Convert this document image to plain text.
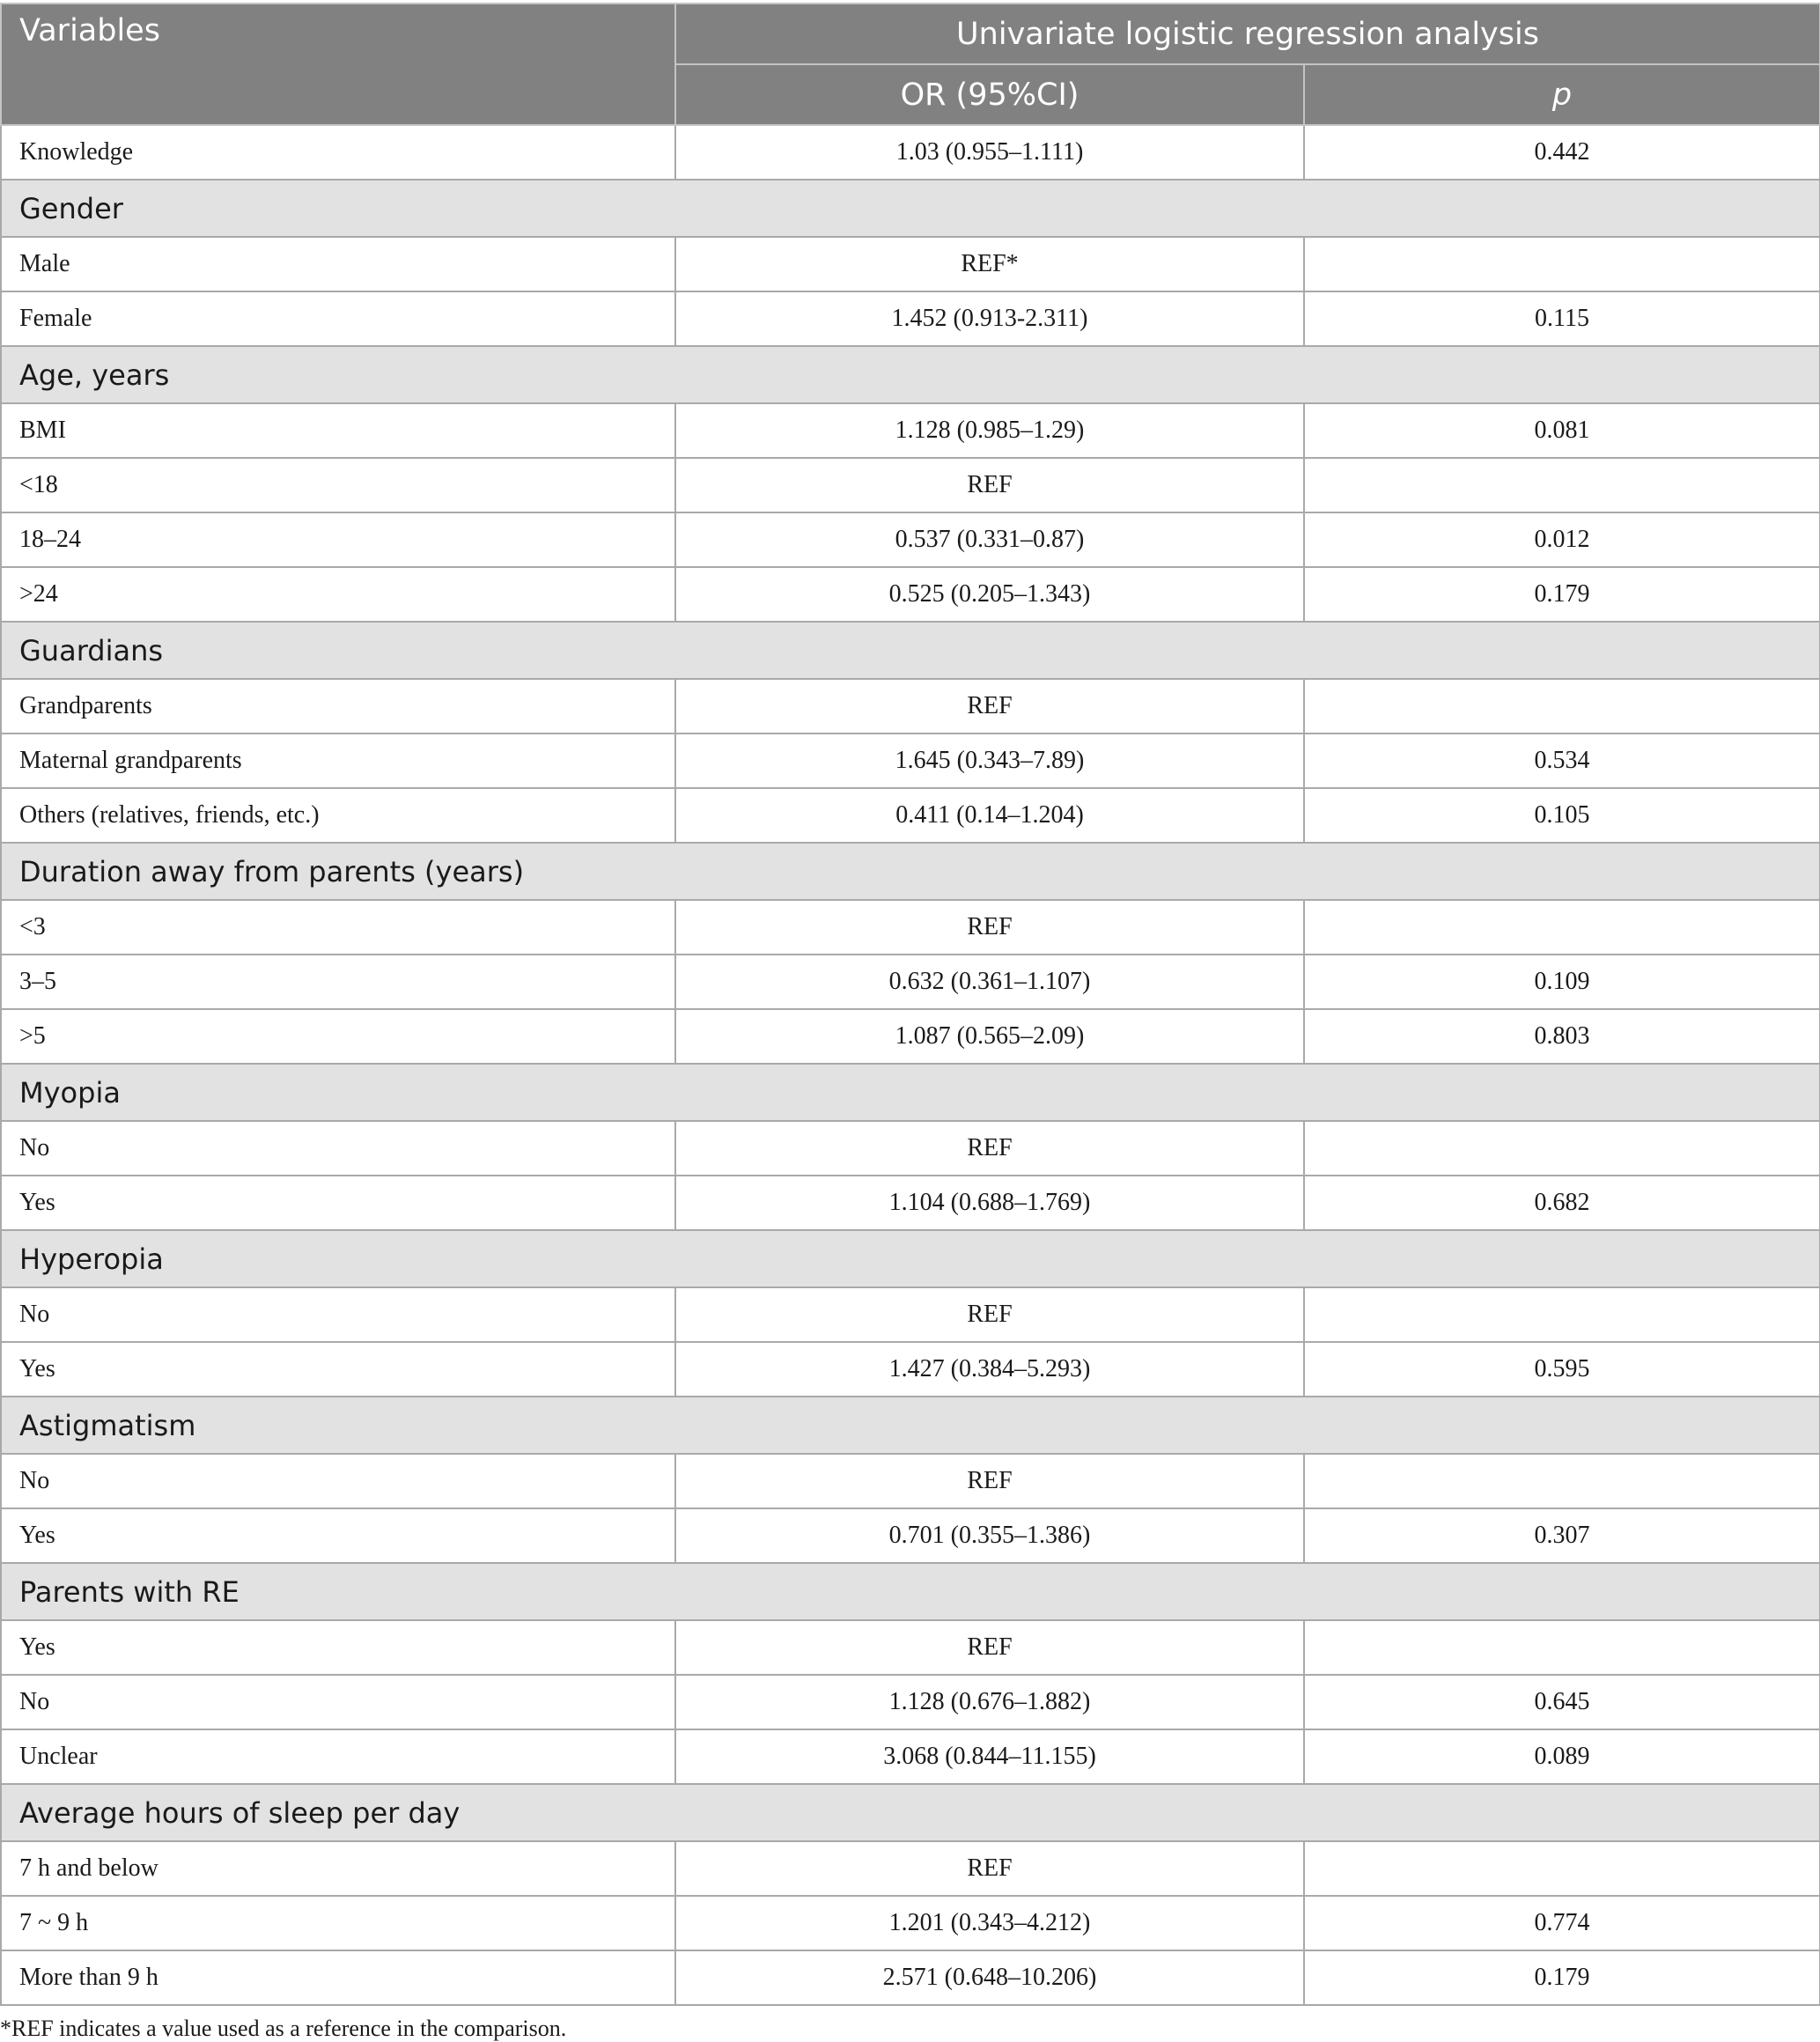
Variables	Univariate logistic regression analysis	
	OR (95%CI)	p
Knowledge	1.03 (0.955–1.111)	0.442
Gender		
Male	REF*	
Female	1.452 (0.913-2.311)	0.115
Age, years		
BMI	1.128 (0.985–1.29)	0.081
<18	REF	
18–24	0.537 (0.331–0.87)	0.012
>24	0.525 (0.205–1.343)	0.179
Guardians		
Grandparents	REF	
Maternal grandparents	1.645 (0.343–7.89)	0.534
Others (relatives, friends, etc.)	0.411 (0.14–1.204)	0.105
Duration away from parents (years)		
<3	REF	
3–5	0.632 (0.361–1.107)	0.109
>5	1.087 (0.565–2.09)	0.803
Myopia		
No	REF	
Yes	1.104 (0.688–1.769)	0.682
Hyperopia		
No	REF	
Yes	1.427 (0.384–5.293)	0.595
Astigmatism		
No	REF	
Yes	0.701 (0.355–1.386)	0.307
Parents with RE		
Yes	REF	
No	1.128 (0.676–1.882)	0.645
Unclear	3.068 (0.844–11.155)	0.089
Average hours of sleep per day		
7 h and below	REF	
7 ~ 9 h	1.201 (0.343–4.212)	0.774
More than 9 h	2.571 (0.648–10.206)	0.179
*REF indicates a value used as a reference in the comparison.
